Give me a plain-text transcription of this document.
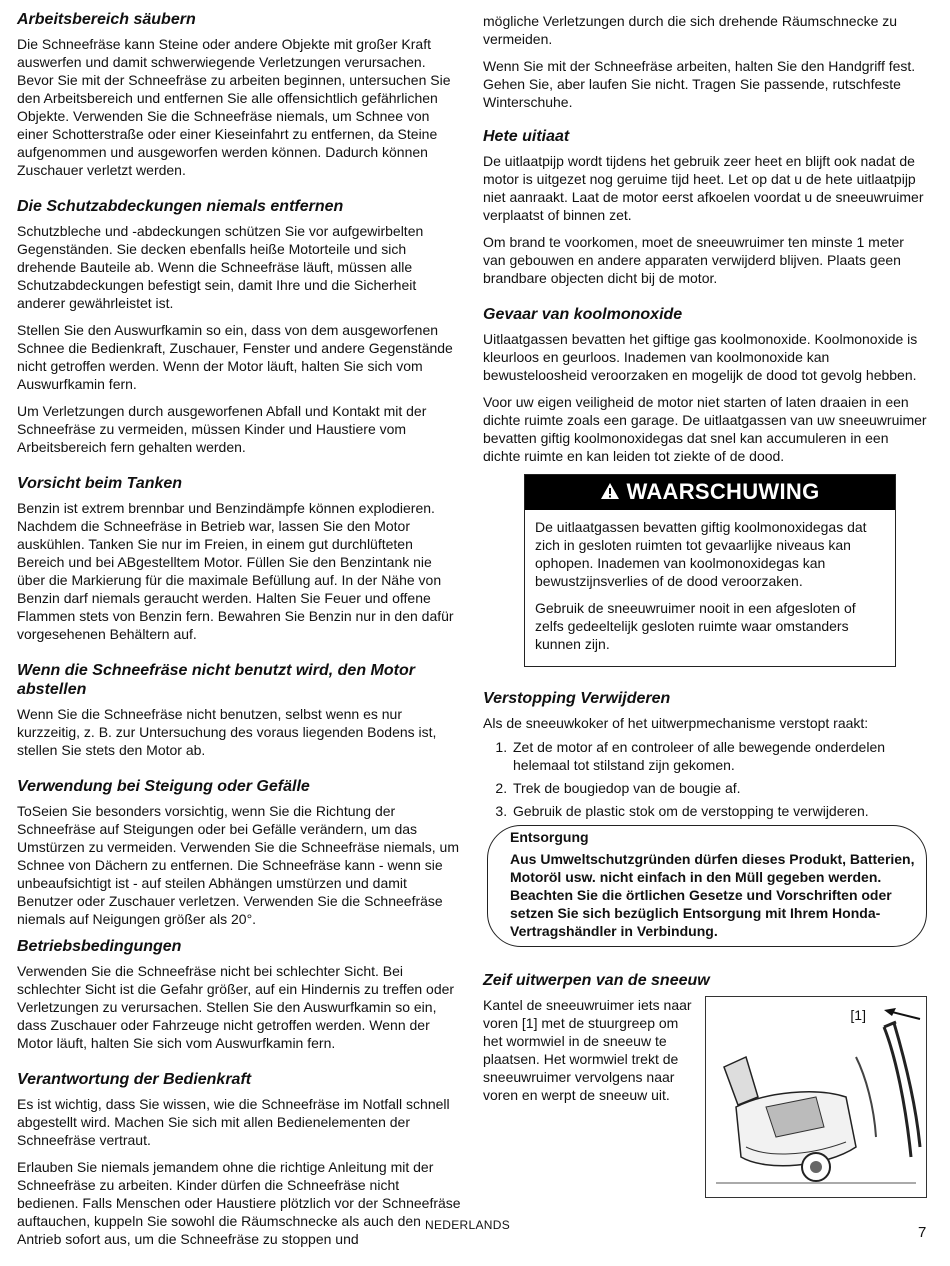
Arbeitsbereich säubern

Die Schneefräse kann Steine oder andere Objekte mit großer Kraft auswerfen und damit schwerwiegende Verletzungen verursachen. Bevor Sie mit der Schneefräse zu arbeiten beginnen, untersuchen Sie den Arbeitsbereich und entfernen Sie alle offensichtlich gefährlichen Objekte. Verwenden Sie die Schneefräse niemals, um Schnee von einer Schotterstraße oder einer Kieseinfahrt zu entfernen, da Steine aufgenommen und ausgeworfen werden können. Dadurch können Zuschauer verletzt werden.

Die Schutzabdeckungen niemals entfernen

Schutzbleche und -abdeckungen schützen Sie vor aufgewirbelten Gegenständen. Sie decken ebenfalls heiße Motorteile und sich drehende Bauteile ab. Wenn die Schneefräse läuft, müssen alle Schutzabdeckungen befestigt sein, damit Ihre und die Sicherheit anderer gewährleistet ist.

Stellen Sie den Auswurfkamin so ein, dass von dem ausgeworfenen Schnee die Bedienkraft, Zuschauer, Fenster und andere Gegenstände nicht getroffen werden. Wenn der Motor läuft, halten Sie sich vom Auswurfkamin fern.

Um Verletzungen durch ausgeworfenen Abfall und Kontakt mit der Schneefräse zu vermeiden, müssen Kinder und Haustiere vom Arbeitsbereich fern gehalten werden.

Vorsicht beim Tanken

Benzin ist extrem brennbar und Benzindämpfe können explodieren. Nachdem die Schneefräse in Betrieb war, lassen Sie den Motor auskühlen. Tanken Sie nur im Freien, in einem gut durchlüfteten Bereich und bei ABgestelltem Motor. Füllen Sie den Benzintank nie über die Markierung für die maximale Befüllung auf. In der Nähe von Benzin darf niemals geraucht werden. Halten Sie Feuer und offene Flammen stets von Benzin fern. Bewahren Sie Benzin nur in den dafür vorgesehenen Behältern auf.

Wenn die Schneefräse nicht benutzt wird, den Motor abstellen

Wenn Sie die Schneefräse nicht benutzen, selbst wenn es nur kurzzeitig, z. B. zur Untersuchung des voraus liegenden Bodens ist, stellen Sie stets den Motor ab.

Verwendung bei Steigung oder Gefälle

ToSeien Sie besonders vorsichtig, wenn Sie die Richtung der Schneefräse auf Steigungen oder bei Gefälle verändern, um das Umstürzen zu vermeiden. Verwenden Sie die Schneefräse niemals, um Schnee von Dächern zu entfernen. Die Schneefräse kann - wenn sie unbeaufsichtigt ist - auf steilen Abhängen umstürzen und damit Benutzer oder Zuschauer verletzen. Verwenden Sie die Schneefräse niemals auf Neigungen größer als 20°.

Betriebsbedingungen

Verwenden Sie die Schneefräse nicht bei schlechter Sicht. Bei schlechter Sicht ist die Gefahr größer, auf ein Hindernis zu treffen oder Verletzungen zu verursachen. Stellen Sie den Auswurfkamin so ein, dass Zuschauer oder Fahrzeuge nicht getroffen werden. Wenn der Motor läuft, halten Sie sich vom Auswurfkamin fern.

Verantwortung der Bedienkraft

Es ist wichtig, dass Sie wissen, wie die Schneefräse im Notfall schnell abgestellt wird. Machen Sie sich mit allen Bedienelementen der Schneefräse vertraut.

Erlauben Sie niemals jemandem ohne die richtige Anleitung mit der Schneefräse zu arbeiten. Kinder dürfen die Schneefräse nicht bedienen. Falls Menschen oder Haustiere plötzlich vor der Schneefräse auftauchen, kuppeln Sie sowohl die Räumschnecke als auch den Antrieb sofort aus, um die Schneefräse zu stoppen und

mögliche Verletzungen durch die sich drehende Räumschnecke zu vermeiden.

Wenn Sie mit der Schneefräse arbeiten, halten Sie den Handgriff fest. Gehen Sie, aber laufen Sie nicht. Tragen Sie passende, rutschfeste Winterschuhe.

Hete uitiaat

De uitlaatpijp wordt tijdens het gebruik zeer heet en blijft ook nadat de motor is uitgezet nog geruime tijd heet. Let op dat u de hete uitlaatpijp niet aanraakt. Laat de motor eerst afkoelen voordat u de sneeuwruimer verplaatst of binnen zet.

Om brand te voorkomen, moet de sneeuwruimer ten minste 1 meter van gebouwen en andere apparaten verwijderd blijven. Plaats geen brandbare objecten dicht bij de motor.

Gevaar van koolmonoxide

Uitlaatgassen bevatten het giftige gas koolmonoxide. Koolmonoxide is kleurloos en geurloos. Inademen van koolmonoxide kan bewusteloosheid veroorzaken en mogelijk de dood tot gevolg hebben.

Voor uw eigen veiligheid de motor niet starten of laten draaien in een dichte ruimte zoals een garage. De uitlaatgassen van uw sneeuwruimer bevatten giftig koolmonoxidegas dat snel kan accumuleren in een dichte ruimte en kan leiden tot ziekte of de dood.

WAARSCHUWING

De uitlaatgassen bevatten giftig koolmonoxidegas dat zich in gesloten ruimten tot gevaarlijke niveaus kan ophopen. Inademen van koolmonoxidegas kan bewustzijnsverlies of de dood veroorzaken.

Gebruik de sneeuwruimer nooit in een afgesloten of zelfs gedeeltelijk gesloten ruimte waar omstanders kunnen zijn.

Verstopping Verwijderen

Als de sneeuwkoker of het uitwerpmechanisme verstopt raakt:

1. Zet de motor af en controleer of alle bewegende onderdelen helemaal tot stilstand zijn gekomen.
2. Trek de bougiedop van de bougie af.
3. Gebruik de plastic stok om de verstopping te verwijderen.
Entsorgung
Aus Umweltschutzgründen dürfen dieses Produkt, Batterien, Motoröl usw. nicht einfach in den Müll gegeben werden. Beachten Sie die örtlichen Gesetze und Vorschriften oder setzen Sie sich bezüglich Entsorgung mit Ihrem Honda-Vertragshändler in Verbindung.
Zeif uitwerpen van de sneeuw
Kantel de sneeuwruimer iets naar voren [1] met de stuurgreep om het wormwiel in de sneeuw te plaatsen. Het wormwiel trekt de sneeuwruimer vervolgens naar voren en werpt de sneeuw uit.
[1]
NEDERLANDS	7
